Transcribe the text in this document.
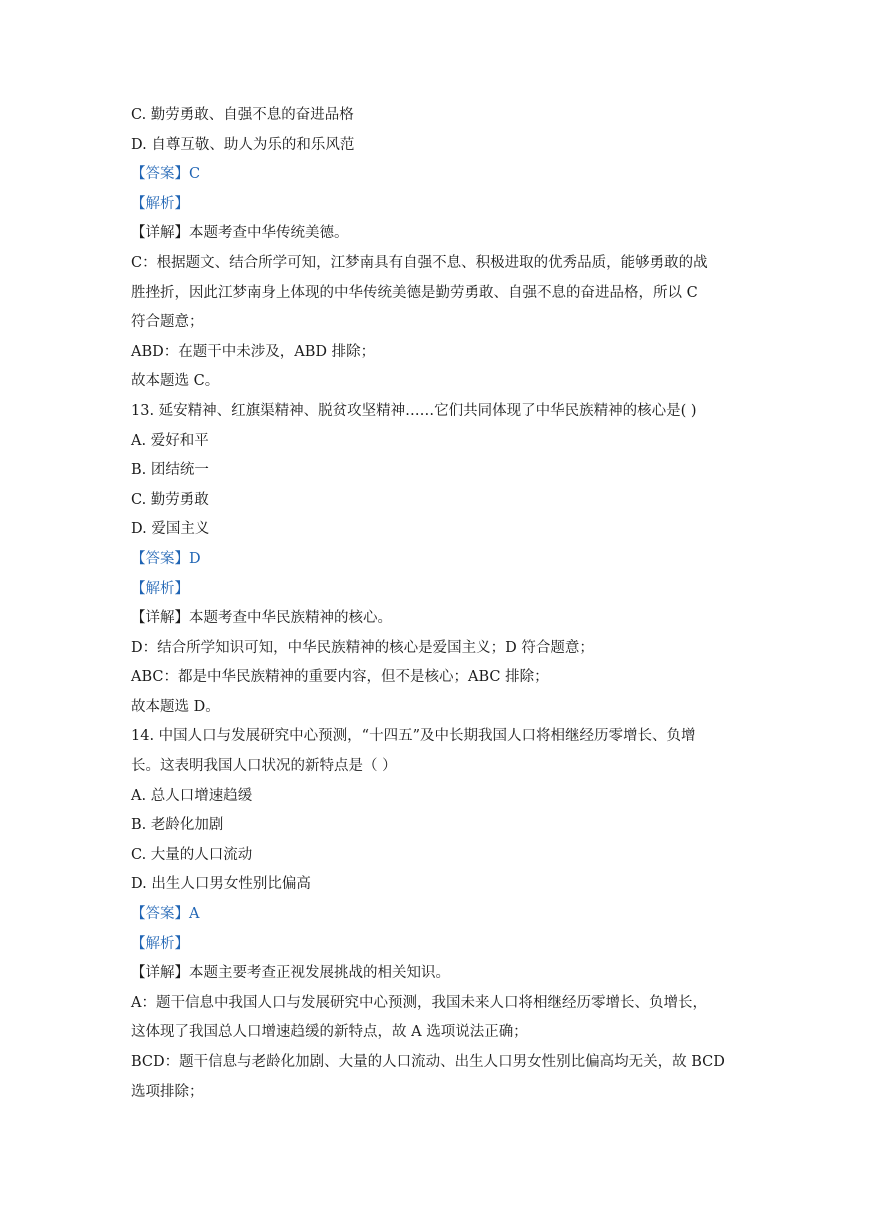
C. 勤劳勇敢、自强不息的奋进品格
D. 自尊互敬、助人为乐的和乐风范
【答案】C
【解析】
【详解】本题考查中华传统美德。
C：根据题文、结合所学可知，江梦南具有自强不息、积极进取的优秀品质，能够勇敢的战
胜挫折，因此江梦南身上体现的中华传统美德是勤劳勇敢、自强不息的奋进品格，所以 C
符合题意；
ABD：在题干中未涉及，ABD 排除；
故本题选 C。
13. 延安精神、红旗渠精神、脱贫攻坚精神……它们共同体现了中华民族精神的核心是( )
A. 爱好和平
B. 团结统一
C. 勤劳勇敢
D. 爱国主义
【答案】D
【解析】
【详解】本题考查中华民族精神的核心。
D：结合所学知识可知，中华民族精神的核心是爱国主义；D 符合题意；
ABC：都是中华民族精神的重要内容，但不是核心；ABC 排除；
故本题选 D。
14. 中国人口与发展研究中心预测，“十四五”及中长期我国人口将相继经历零增长、负增
长。这表明我国人口状况的新特点是（ ）
A. 总人口增速趋缓
B. 老龄化加剧
C. 大量的人口流动
D. 出生人口男女性别比偏高
【答案】A
【解析】
【详解】本题主要考查正视发展挑战的相关知识。
A：题干信息中我国人口与发展研究中心预测，我国未来人口将相继经历零增长、负增长，
这体现了我国总人口增速趋缓的新特点，故 A 选项说法正确；
BCD：题干信息与老龄化加剧、大量的人口流动、出生人口男女性别比偏高均无关，故 BCD
选项排除；
